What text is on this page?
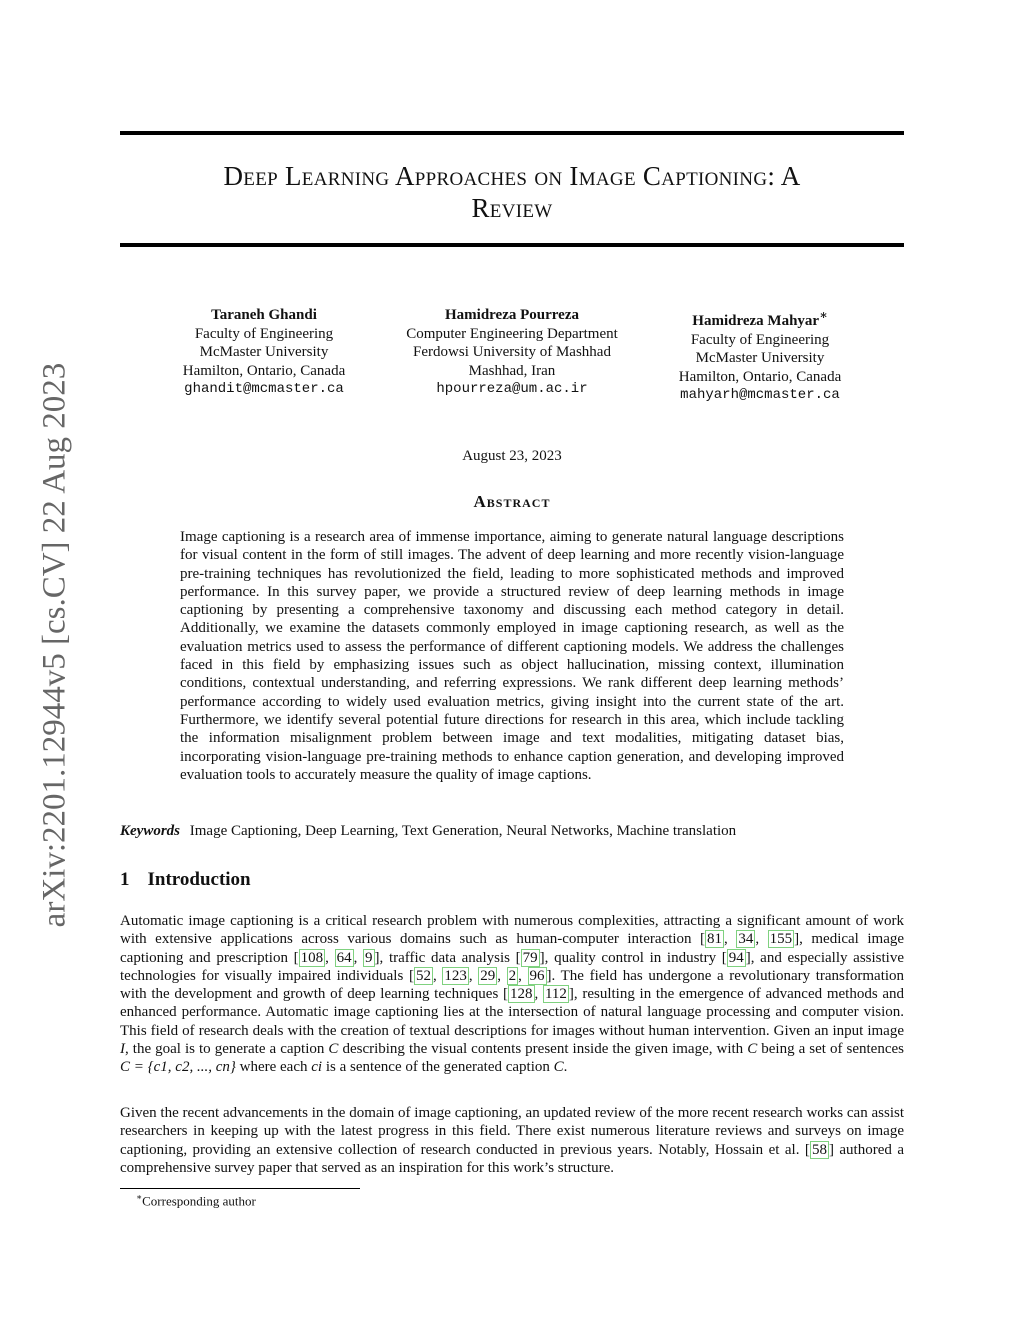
arXiv:2201.12944v5 [cs.CV] 22 Aug 2023
Deep Learning Approaches on Image Captioning: A
Review
Taraneh Ghandi
Faculty of Engineering
McMaster University
Hamilton, Ontario, Canada
ghandit@mcmaster.ca
Hamidreza Pourreza
Computer Engineering Department
Ferdowsi University of Mashhad
Mashhad, Iran
hpourreza@um.ac.ir
Hamidreza Mahyar∗
Faculty of Engineering
McMaster University
Hamilton, Ontario, Canada
mahyarh@mcmaster.ca
August 23, 2023
Abstract

Image captioning is a research area of immense importance, aiming to generate natural language descriptions for visual content in the form of still images. The advent of deep learning and more recently vision-language pre-training techniques has revolutionized the field, leading to more sophisticated methods and improved performance. In this survey paper, we provide a structured review of deep learning methods in image captioning by presenting a comprehensive taxonomy and discussing each method category in detail. Additionally, we examine the datasets commonly employed in image captioning research, as well as the evaluation metrics used to assess the performance of different captioning models. We address the challenges faced in this field by emphasizing issues such as object hallucination, missing context, illumination conditions, contextual understanding, and referring expressions. We rank different deep learning methods’ performance according to widely used evaluation metrics, giving insight into the current state of the art. Furthermore, we identify several potential future directions for research in this area, which include tackling the information misalignment problem between image and text modalities, mitigating dataset bias, incorporating vision-language pre-training methods to enhance caption generation, and developing improved evaluation tools to accurately measure the quality of image captions.

Keywords Image Captioning, Deep Learning, Text Generation, Neural Networks, Machine translation
1 Introduction

Automatic image captioning is a critical research problem with numerous complexities, attracting a significant amount of work with extensive applications across various domains such as human-computer interaction [ 81 , 34 , 155 ], medical image captioning and prescription [ 108 , 64 , 9 ], traffic data analysis [ 79 ], quality control in industry [ 94 ], and especially assistive technologies for visually impaired individuals [ 52 , 123 , 29 , 2 , 96 ]. The field has undergone a revolutionary transformation with the development and growth of deep learning techniques [ 128 , 112 ], resulting in the emergence of advanced methods and enhanced performance. Automatic image captioning lies at the intersection of natural language processing and computer vision. This field of research deals with the creation of textual descriptions for images without human intervention. Given an input image I, the goal is to generate a caption C describing the visual contents present inside the given image, with C being a set of sentences C = {c1, c2, ..., cn} where each ci is a sentence of the generated caption C.

Given the recent advancements in the domain of image captioning, an updated review of the more recent research works can assist researchers in keeping up with the latest progress in this field. There exist numerous literature reviews and surveys on image captioning, providing an extensive collection of research conducted in previous years. Notably, Hossain et al. [ 58 ] authored a comprehensive survey paper that served as an inspiration for this work’s structure.

∗Corresponding author
